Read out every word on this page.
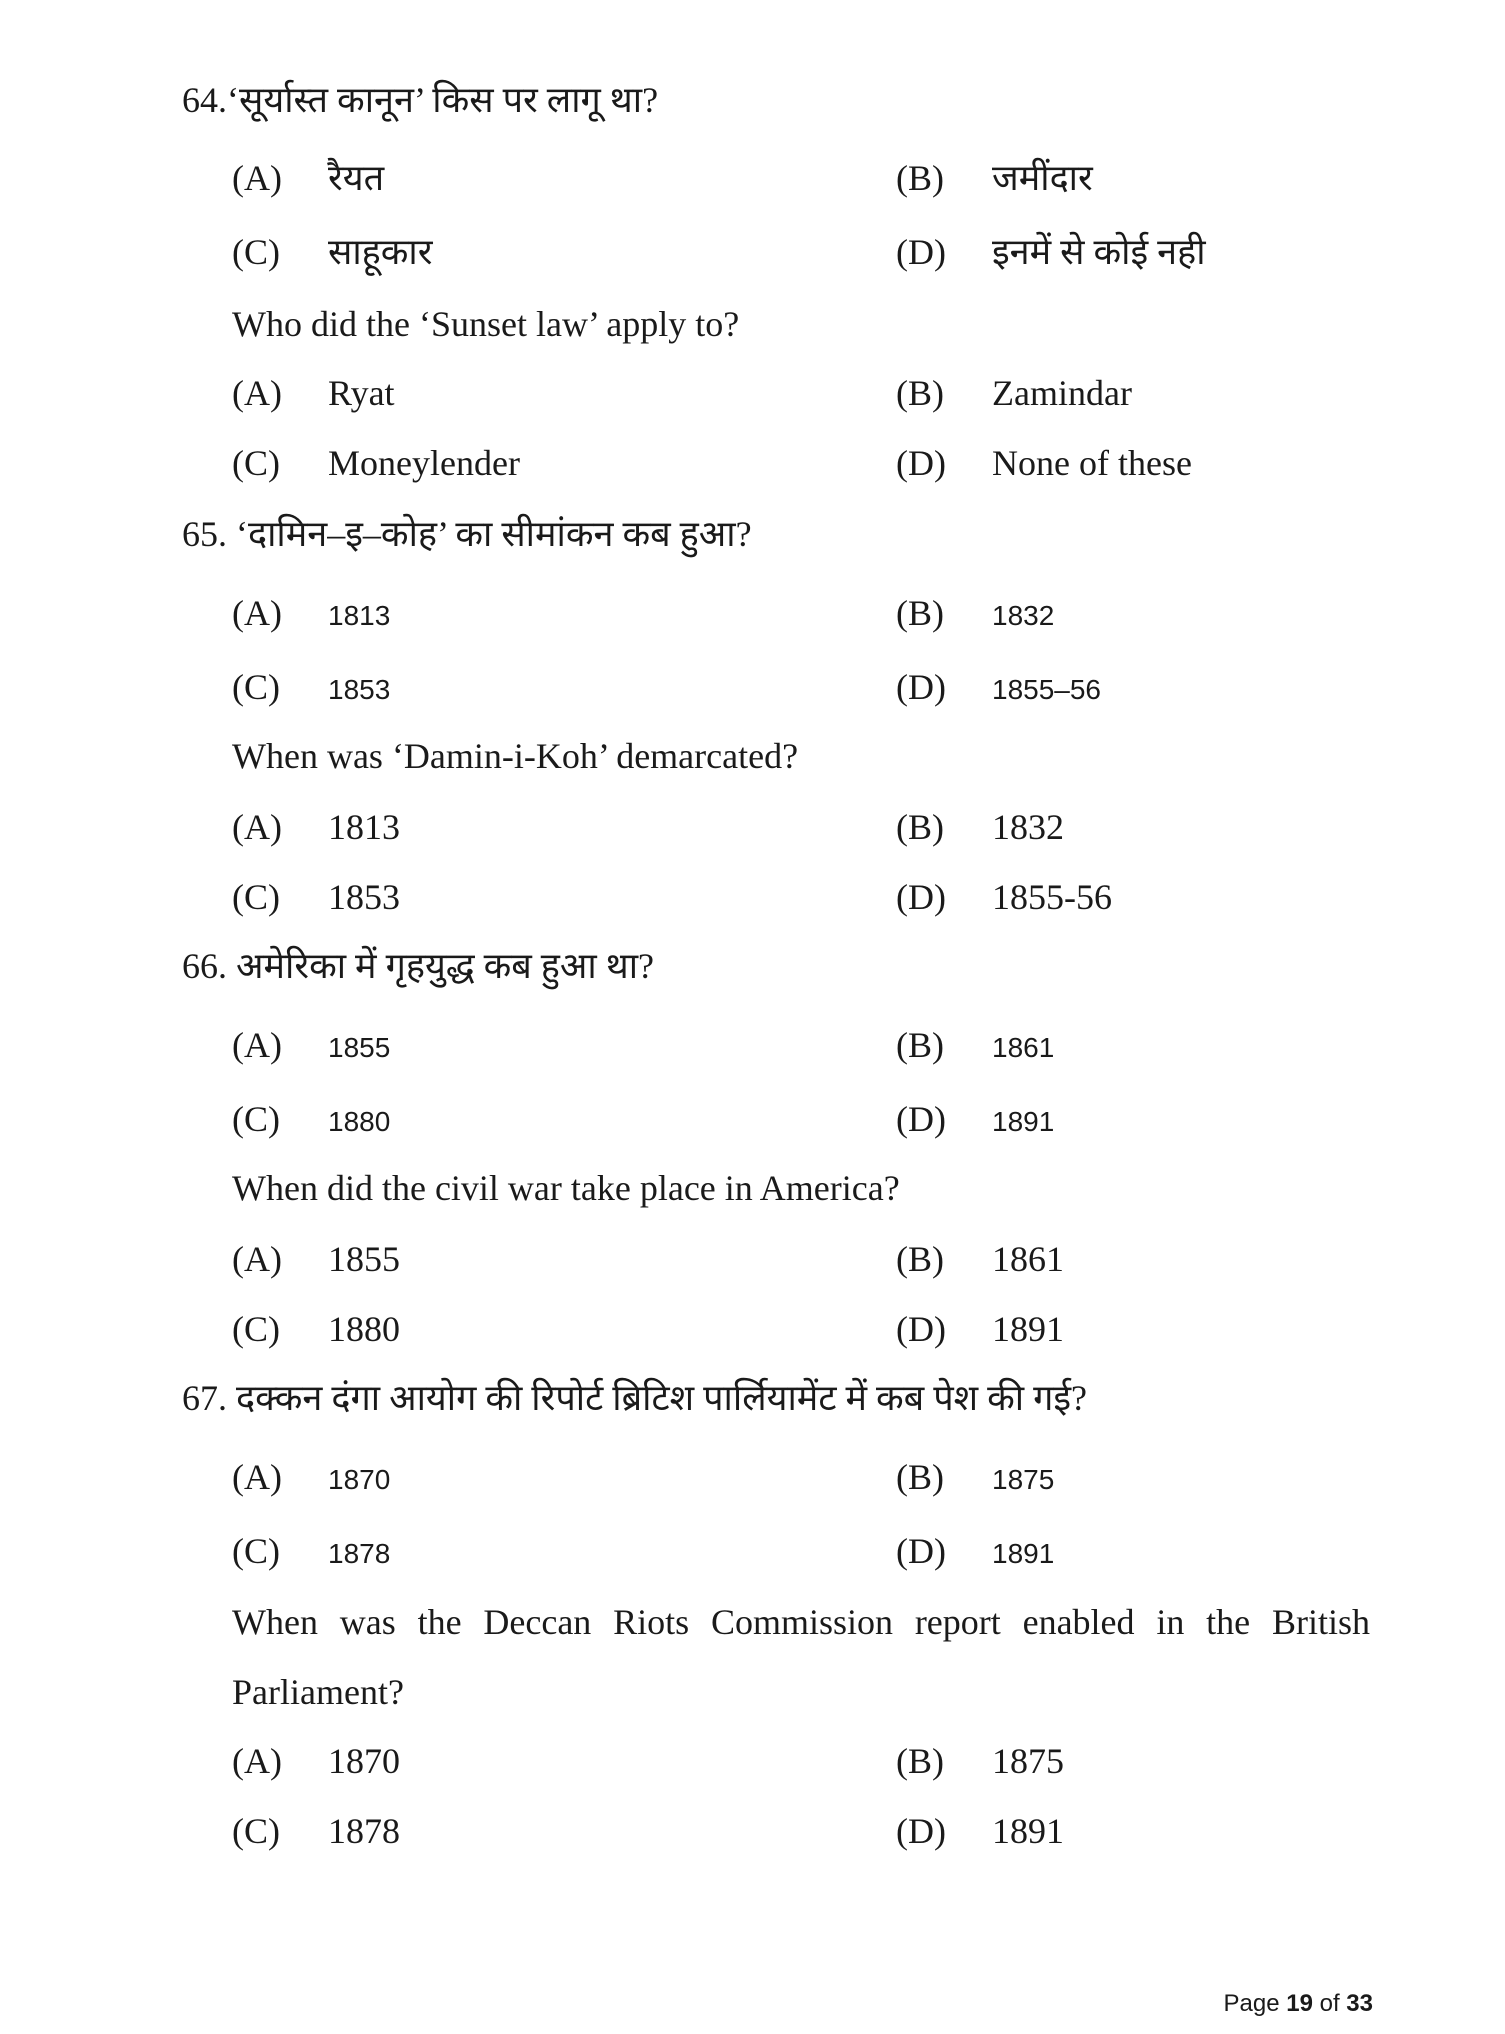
64.‘सूर्यास्त कानून’ किस पर लागू था?
(A)	रैयत	(B)	जमींदार
(C)	साहूकार	(D)	इनमें से कोई नही
Who did the ‘Sunset law’ apply to?
(A)	Ryat	(B)	Zamindar
(C)	Moneylender	(D)	None of these
65. ‘दामिन–इ–कोह’ का सीमांकन कब हुआ?
(A)	1813	(B)	1832
(C)	1853	(D)	1855–56
When was ‘Damin-i-Koh’ demarcated?
(A)	1813	(B)	1832
(C)	1853	(D)	1855-56
66. अमेरिका में गृहयुद्ध कब हुआ था?
(A)	1855	(B)	1861
(C)	1880	(D)	1891
When did the civil war take place in America?
(A)	1855	(B)	1861
(C)	1880	(D)	1891
67. दक्कन दंगा आयोग की रिपोर्ट ब्रिटिश पार्लियामेंट में कब पेश की गई?
(A)	1870	(B)	1875
(C)	1878	(D)	1891
When was the Deccan Riots Commission report enabled in the British
Parliament?
(A)	1870	(B)	1875
(C)	1878	(D)	1891
Page 19 of 33
